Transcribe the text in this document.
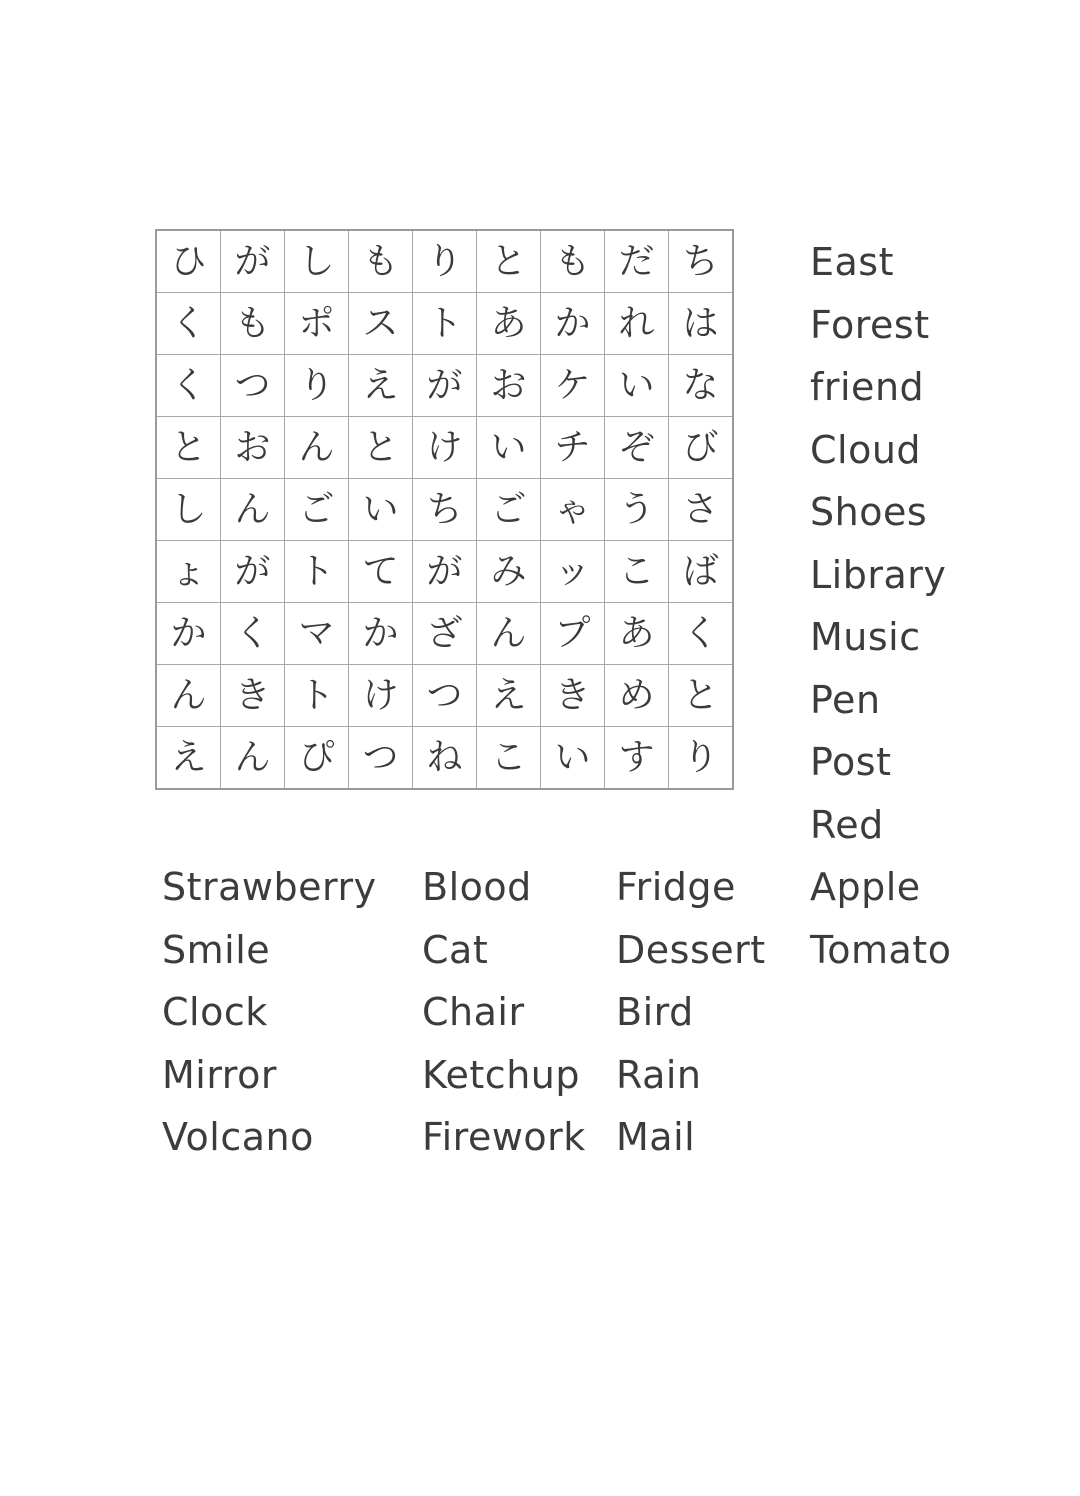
ひ	が	し	も	り	と	も	だ	ち
く	も	ポ	ス	ト	あ	か	れ	は
く	つ	り	え	が	お	ケ	い	な
と	お	ん	と	け	い	チ	ぞ	び
し	ん	ご	い	ち	ご	ゃ	う	さ
ょ	が	ト	て	が	み	ッ	こ	ば
か	く	マ	か	ざ	ん	プ	あ	く
ん	き	ト	け	つ	え	き	め	と
え	ん	ぴ	つ	ね	こ	い	す	り
East
Forest
friend
Cloud
Shoes
Library
Music
Pen
Post
Red
Apple
Tomato
Strawberry
Smile
Clock
Mirror
Volcano
Blood
Cat
Chair
Ketchup
Firework
Fridge
Dessert
Bird
Rain
Mail
